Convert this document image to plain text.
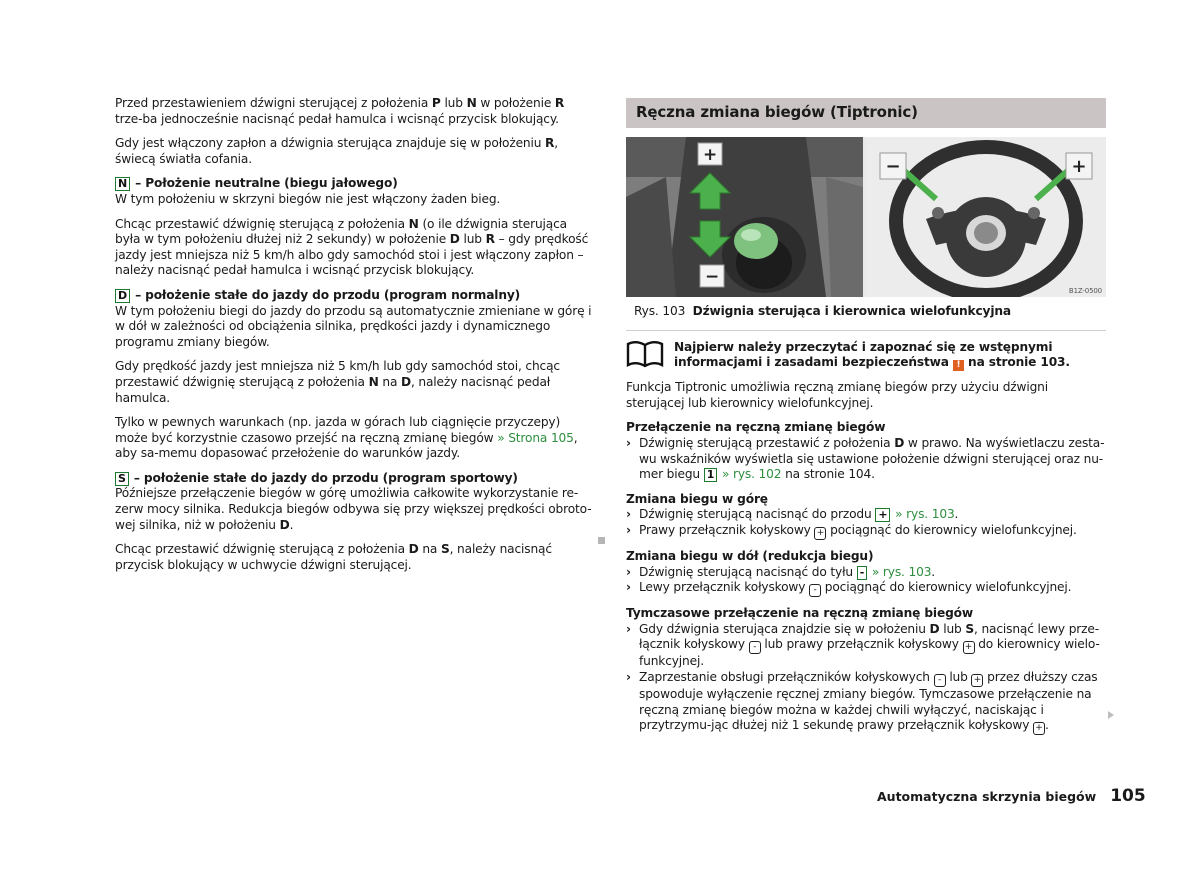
Przed przestawieniem dźwigni sterującej z położenia P lub N w położenie R trze-ba jednocześnie nacisnąć pedał hamulca i wcisnąć przycisk blokujący.

Gdy jest włączony zapłon a dźwignia sterująca znajduje się w położeniu R, świecą światła cofania.

N – Położenie neutralne (biegu jałowego)
W tym położeniu w skrzyni biegów nie jest włączony żaden bieg.

Chcąc przestawić dźwignię sterującą z położenia N (o ile dźwignia sterująca była w tym położeniu dłużej niż 2 sekundy) w położenie D lub R – gdy prędkość jazdy jest mniejsza niż 5 km/h albo gdy samochód stoi i jest włączony zapłon – należy nacisnąć pedał hamulca i wcisnąć przycisk blokujący.

D – położenie stałe do jazdy do przodu (program normalny)
W tym położeniu biegi do jazdy do przodu są automatycznie zmieniane w górę i w dół w zależności od obciążenia silnika, prędkości jazdy i dynamicznego programu zmiany biegów.

Gdy prędkość jazdy jest mniejsza niż 5 km/h lub gdy samochód stoi, chcąc przestawić dźwignię sterującą z położenia N na D, należy nacisnąć pedał hamulca.

Tylko w pewnych warunkach (np. jazda w górach lub ciągnięcie przyczepy) może być korzystnie czasowo przejść na ręczną zmianę biegów » Strona 105, aby sa-memu dopasować przełożenie do warunków jazdy.

S – położenie stałe do jazdy do przodu (program sportowy)
Późniejsze przełączenie biegów w górę umożliwia całkowite wykorzystanie re-zerw mocy silnika. Redukcja biegów odbywa się przy większej prędkości obroto-wej silnika, niż w położeniu D.

Chcąc przestawić dźwignię sterującą z położenia D na S, należy nacisnąć przycisk blokujący w uchwycie dźwigni sterującej.

Ręczna zmiana biegów (Tiptronic)
+
−
−	+
B1Z-0500
Rys. 103 Dźwignia sterująca i kierownica wielofunkcyjna
Najpierw należy przeczytać i zapoznać się ze wstępnymi informacjami i zasadami bezpieczeństwa ! na stronie 103.

Funkcja Tiptronic umożliwia ręczną zmianę biegów przy użyciu dźwigni sterującej lub kierownicy wielofunkcyjnej.

Przełączenie na ręczną zmianę biegów
› Dźwignię sterującą przestawić z położenia D w prawo. Na wyświetlaczu zesta-wu wskaźników wyświetla się ustawione położenie dźwigni sterującej oraz nu-mer biegu 1 » rys. 102 na stronie 104.
Zmiana biegu w górę
› Dźwignię sterującą nacisnąć do przodu + » rys. 103.
› Prawy przełącznik kołyskowy + pociągnąć do kierownicy wielofunkcyjnej.
Zmiana biegu w dół (redukcja biegu)
› Dźwignię sterującą nacisnąć do tyłu - » rys. 103.
› Lewy przełącznik kołyskowy - pociągnąć do kierownicy wielofunkcyjnej.
Tymczasowe przełączenie na ręczną zmianę biegów
› Gdy dźwignia sterująca znajdzie się w położeniu D lub S, nacisnąć lewy prze-łącznik kołyskowy - lub prawy przełącznik kołyskowy + do kierownicy wielo-funkcyjnej.
› Zaprzestanie obsługi przełączników kołyskowych - lub + przez dłuższy czas spowoduje wyłączenie ręcznej zmiany biegów. Tymczasowe przełączenie na ręczną zmianę biegów można w każdej chwili wyłączyć, naciskając i przytrzymu-jąc dłużej niż 1 sekundę prawy przełącznik kołyskowy + .
Automatyczna skrzynia biegów 105
